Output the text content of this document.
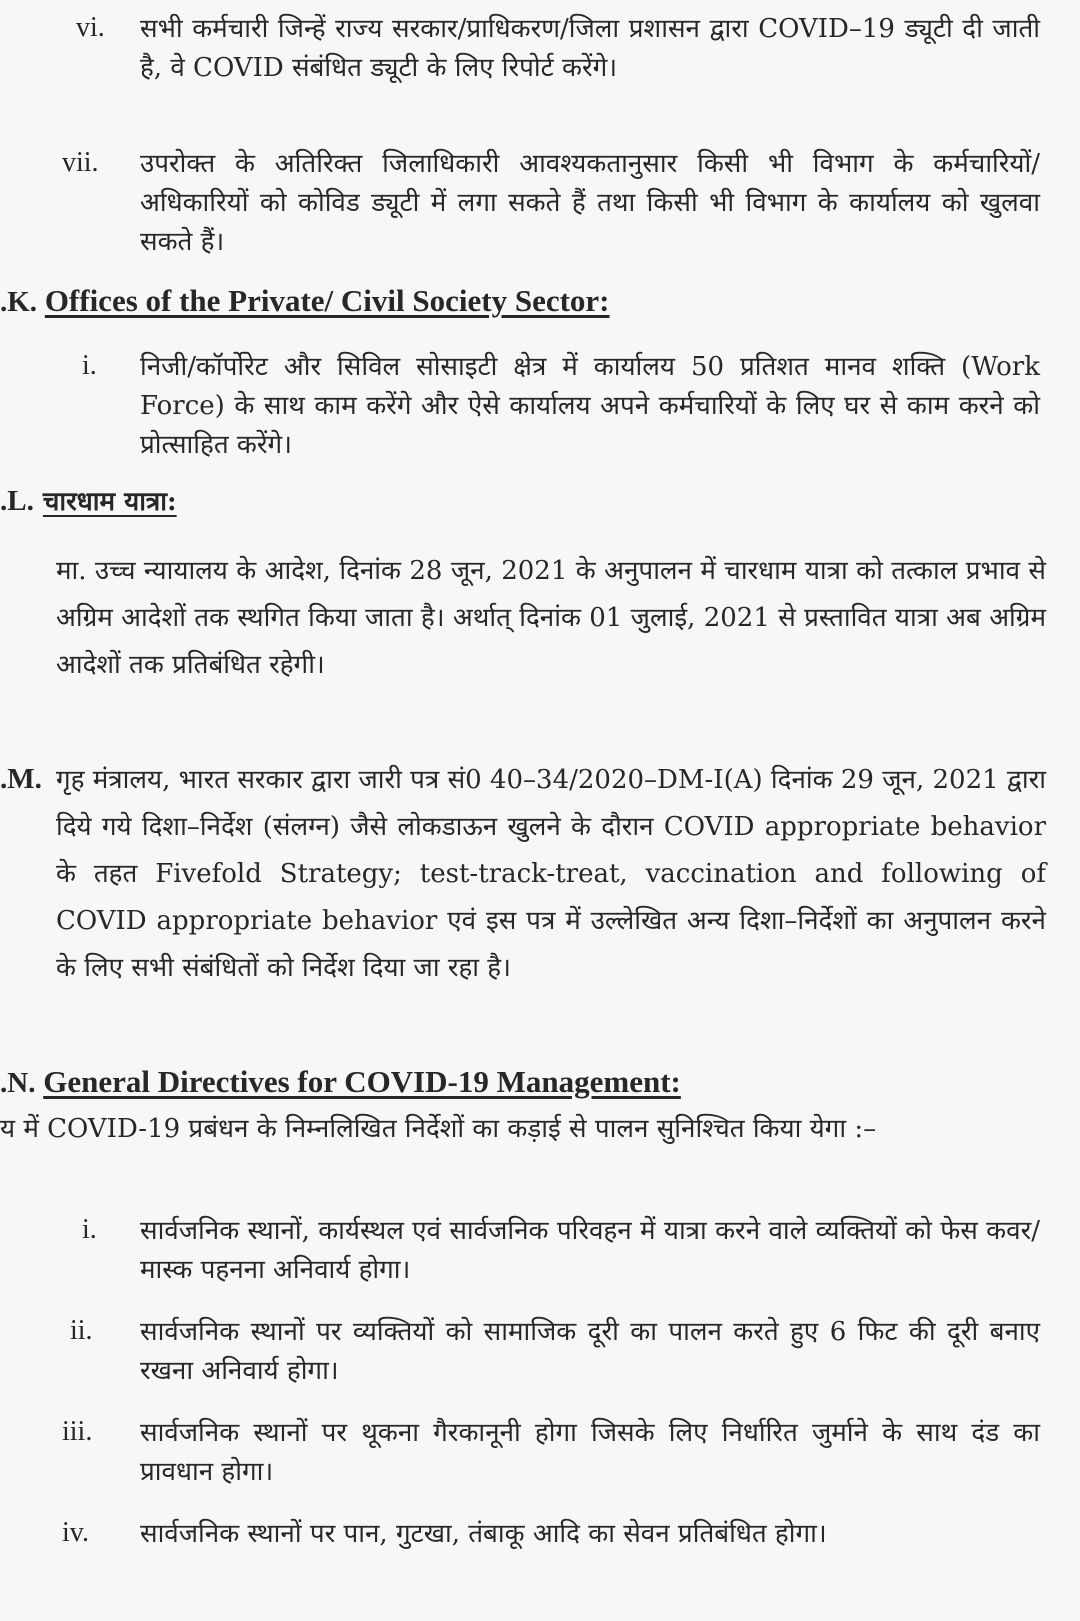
vi. सभी कर्मचारी जिन्हें राज्य सरकार/प्राधिकरण/जिला प्रशासन द्वारा COVID–19 ड्यूटी दी जाती है, वे COVID संबंधित ड्यूटी के लिए रिपोर्ट करेंगे।

vii. उपरोक्त के अतिरिक्त जिलाधिकारी आवश्यकतानुसार किसी भी विभाग के कर्मचारियों/अधिकारियों को कोविड ड्यूटी में लगा सकते हैं तथा किसी भी विभाग के कार्यालय को खुलवा सकते हैं।

.K. Offices of the Private/ Civil Society Sector:
i. निजी/कॉर्पोरेट और सिविल सोसाइटी क्षेत्र में कार्यालय 50 प्रतिशत मानव शक्ति (Work Force) के साथ काम करेंगे और ऐसे कार्यालय अपने कर्मचारियों के लिए घर से काम करने को प्रोत्साहित करेंगे।

.L. चारधाम यात्रा:

मा. उच्च न्यायालय के आदेश, दिनांक 28 जून, 2021 के अनुपालन में चारधाम यात्रा को तत्काल प्रभाव से अग्रिम आदेशों तक स्थगित किया जाता है। अर्थात् दिनांक 01 जुलाई, 2021 से प्रस्तावित यात्रा अब अग्रिम आदेशों तक प्रतिबंधित रहेगी।

.M. गृह मंत्रालय, भारत सरकार द्वारा जारी पत्र सं0 40–34/2020–DM-I(A) दिनांक 29 जून, 2021 द्वारा दिये गये दिशा–निर्देश (संलग्न) जैसे लोकडाऊन खुलने के दौरान COVID appropriate behavior के तहत Fivefold Strategy; test-track-treat, vaccination and following of COVID appropriate behavior एवं इस पत्र में उल्लेखित अन्य दिशा–निर्देशों का अनुपालन करने के लिए सभी संबंधितों को निर्देश दिया जा रहा है।

.N. General Directives for COVID-19 Management:

य में COVID-19 प्रबंधन के निम्नलिखित निर्देशों का कड़ाई से पालन सुनिश्चित किया येगा :–

i. सार्वजनिक स्थानों, कार्यस्थल एवं सार्वजनिक परिवहन में यात्रा करने वाले व्यक्तियों को फेस कवर/मास्क पहनना अनिवार्य होगा।

ii. सार्वजनिक स्थानों पर व्यक्तियों को सामाजिक दूरी का पालन करते हुए 6 फिट की दूरी बनाए रखना अनिवार्य होगा।

iii. सार्वजनिक स्थानों पर थूकना गैरकानूनी होगा जिसके लिए निर्धारित जुर्माने के साथ दंड का प्रावधान होगा।

iv. सार्वजनिक स्थानों पर पान, गुटखा, तंबाकू आदि का सेवन प्रतिबंधित होगा।
